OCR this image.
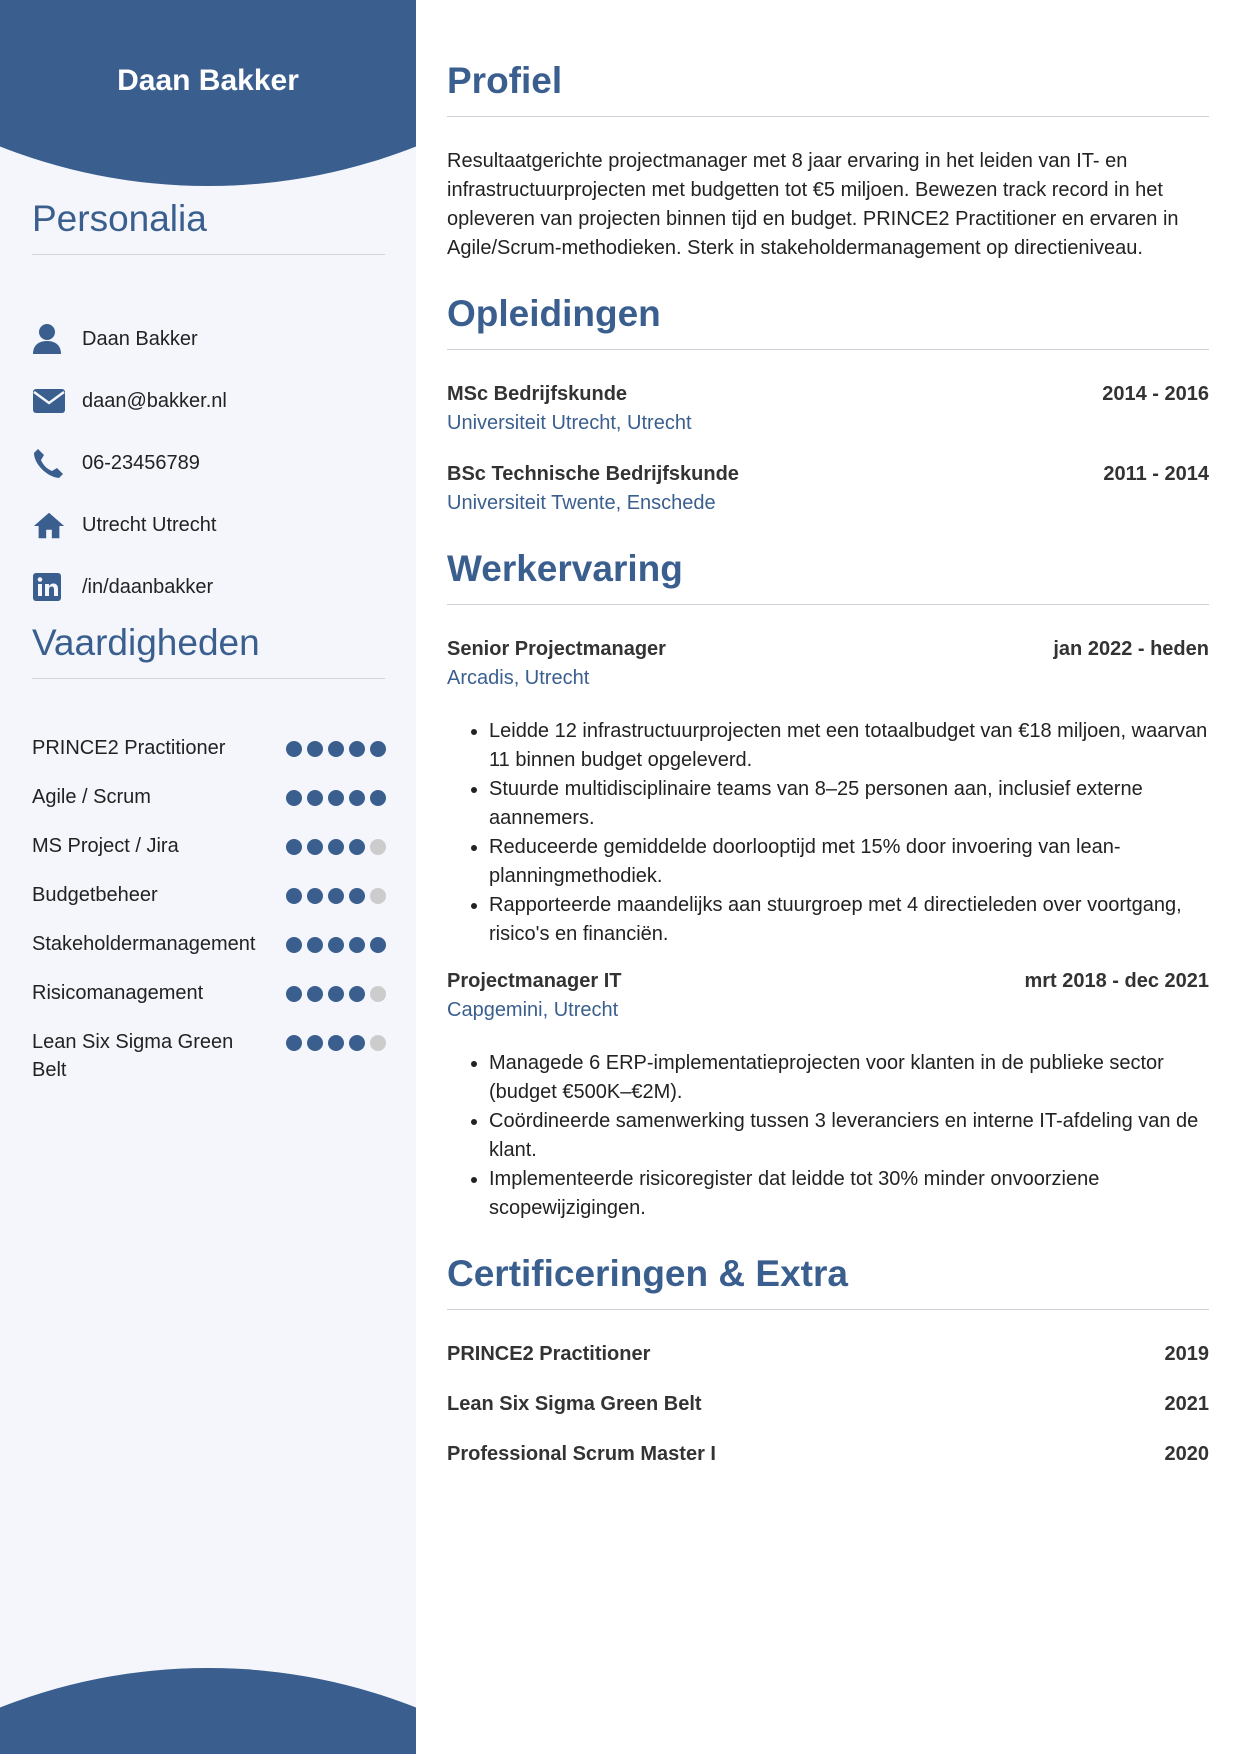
Daan Bakker
Personalia
Daan Bakker
daan@bakker.nl
06-23456789
Utrecht Utrecht
/in/daanbakker
Vaardigheden
PRINCE2 Practitioner
Agile / Scrum
MS Project / Jira
Budgetbeheer
Stakeholdermanagement
Risicomanagement
Lean Six Sigma Green Belt
Profiel
Resultaatgerichte projectmanager met 8 jaar ervaring in het leiden van IT- en infrastructuurprojecten met budgetten tot €5 miljoen. Bewezen track record in het opleveren van projecten binnen tijd en budget. PRINCE2 Practitioner en ervaren in Agile/Scrum-methodieken. Sterk in stakeholdermanagement op directieniveau.
Opleidingen
MSc Bedrijfskunde	2014 - 2016
Universiteit Utrecht, Utrecht
BSc Technische Bedrijfskunde	2011 - 2014
Universiteit Twente, Enschede
Werkervaring
Senior Projectmanager	jan 2022 - heden
Arcadis, Utrecht
• Leidde 12 infrastructuurprojecten met een totaalbudget van €18 miljoen, waarvan 11 binnen budget opgeleverd.
• Stuurde multidisciplinaire teams van 8–25 personen aan, inclusief externe aannemers.
• Reduceerde gemiddelde doorlooptijd met 15% door invoering van lean-planningmethodiek.
• Rapporteerde maandelijks aan stuurgroep met 4 directieleden over voortgang, risico's en financiën.
Projectmanager IT	mrt 2018 - dec 2021
Capgemini, Utrecht
• Managede 6 ERP-implementatieprojecten voor klanten in de publieke sector (budget €500K–€2M).
• Coördineerde samenwerking tussen 3 leveranciers en interne IT-afdeling van de klant.
• Implementeerde risicoregister dat leidde tot 30% minder onvoorziene scopewijzigingen.
Certificeringen & Extra
PRINCE2 Practitioner	2019
Lean Six Sigma Green Belt	2021
Professional Scrum Master I	2020
